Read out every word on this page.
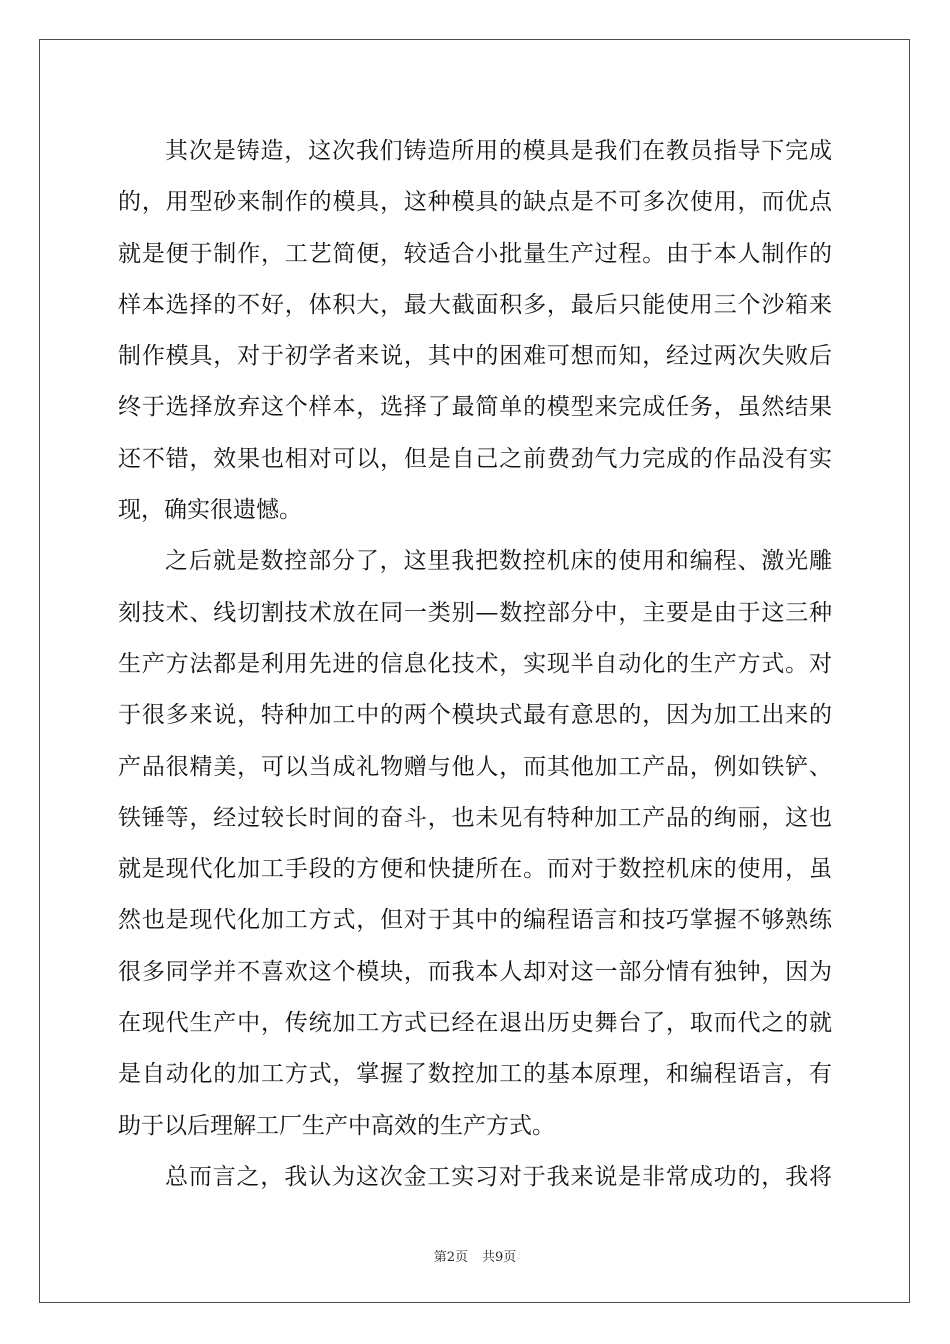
其次是铸造，这次我们铸造所用的模具是我们在教员指导下完成
的，用型砂来制作的模具，这种模具的缺点是不可多次使用，而优点
就是便于制作，工艺简便，较适合小批量生产过程。由于本人制作的
样本选择的不好，体积大，最大截面积多，最后只能使用三个沙箱来
制作模具，对于初学者来说，其中的困难可想而知，经过两次失败后
终于选择放弃这个样本，选择了最简单的模型来完成任务，虽然结果
还不错，效果也相对可以，但是自己之前费劲气力完成的作品没有实
现，确实很遗憾。
之后就是数控部分了，这里我把数控机床的使用和编程、激光雕
刻技术、线切割技术放在同一类别—数控部分中，主要是由于这三种
生产方法都是利用先进的信息化技术，实现半自动化的生产方式。对
于很多来说，特种加工中的两个模块式最有意思的，因为加工出来的
产品很精美，可以当成礼物赠与他人，而其他加工产品，例如铁铲、
铁锤等，经过较长时间的奋斗，也未见有特种加工产品的绚丽，这也
就是现代化加工手段的方便和快捷所在。而对于数控机床的使用，虽
然也是现代化加工方式，但对于其中的编程语言和技巧掌握不够熟练
很多同学并不喜欢这个模块，而我本人却对这一部分情有独钟，因为
在现代生产中，传统加工方式已经在退出历史舞台了，取而代之的就
是自动化的加工方式，掌握了数控加工的基本原理，和编程语言，有
助于以后理解工厂生产中高效的生产方式。
总而言之，我认为这次金工实习对于我来说是非常成功的，我将
第2页 共9页
